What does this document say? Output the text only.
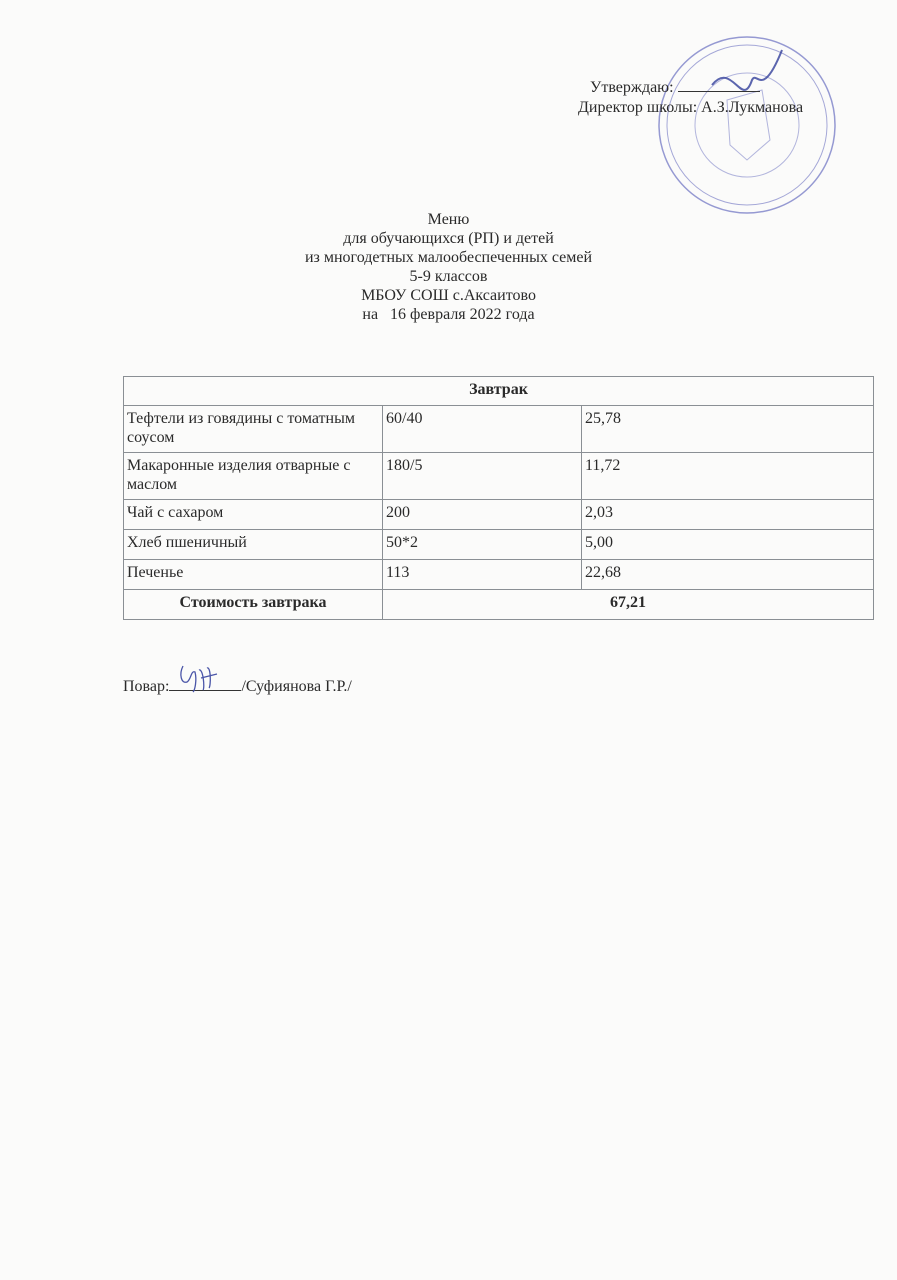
Утверждаю:
Директор школы: А.З.Лукманова
Меню
для обучающихся (РП) и детей
из многодетных малообеспеченных семей
5-9 классов
МБОУ СОШ с.Аксаитово
на   16 февраля 2022 года
Завтрак		
Тефтели из говядины с томатным соусом	60/40	25,78
Макаронные изделия отварные с маслом	180/5	11,72
Чай с сахаром	200	2,03
Хлеб пшеничный	50*2	5,00
Печенье	113	22,68
Стоимость завтрака	67,21	
Повар:	/Суфиянова Г.Р./
